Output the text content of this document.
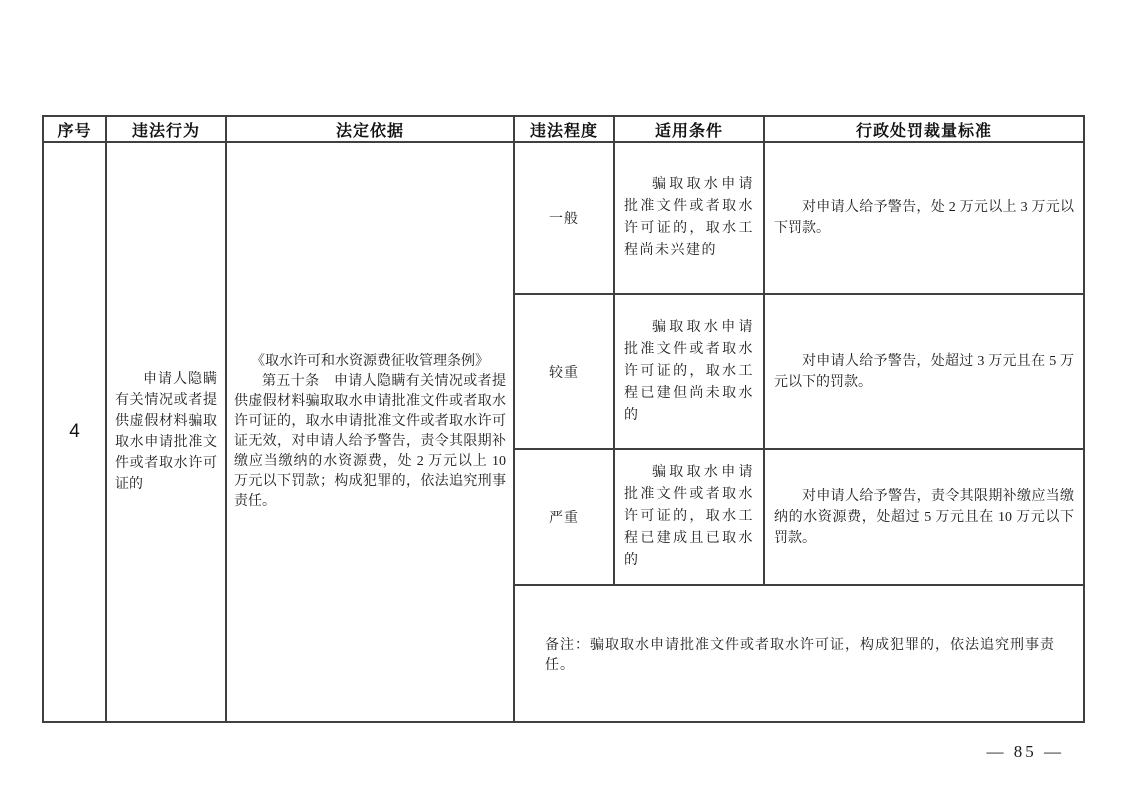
序号	违法行为	法定依据	违法程度	适用条件	行政处罚裁量标准

4	申请人隐瞒有关情况或者提供虚假材料骗取取水申请批准文件或者取水许可证的	《取水许可和水资源费征收管理条例》
第五十条　申请人隐瞒有关情况或者提供虚假材料骗取取水申请批准文件或者取水许可证的，取水申请批准文件或者取水许可证无效，对申请人给予警告，责令其限期补缴应当缴纳的水资源费，处 2 万元以上 10 万元以下罚款；构成犯罪的，依法追究刑事责任。	一般	骗取取水申请批准文件或者取水许可证的，取水工程尚未兴建的	对申请人给予警告，处 2 万元以上 3 万元以下罚款。

			较重	骗取取水申请批准文件或者取水许可证的，取水工程已建但尚未取水的	对申请人给予警告，处超过 3 万元且在 5 万元以下的罚款。

			严重	骗取取水申请批准文件或者取水许可证的，取水工程已建成且已取水的	对申请人给予警告，责令其限期补缴应当缴纳的水资源费，处超过 5 万元且在 10 万元以下罚款。

			备注：骗取取水申请批准文件或者取水许可证，构成犯罪的，依法追究刑事责任。		
— 85 —
